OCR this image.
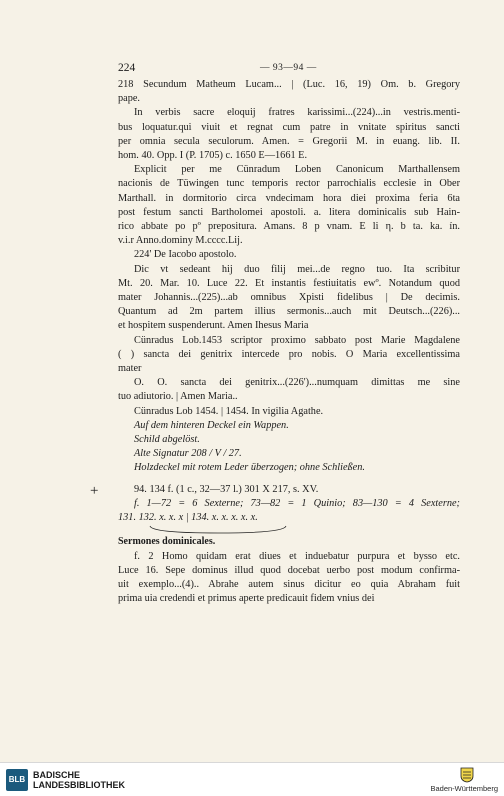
224	— 93—94 —
+
218 Secundum Matheum Lucam... | (Luc. 16, 19) Om. b. Gregory
pape.
In verbis sacre eloquij fratres karissimi...(224)...in vestris.menti-
bus loquatur.qui viuit et regnat cum patre in vnitate spiritus sancti
per omnia secula seculorum. Amen. = Gregorii M. in euang. lib. II.
hom. 40. Opp. I (P. 1705) c. 1650 E—1661 E.
Explicit per me Cünradum Loben Canonicum Marthallensem
nacionis de Tüwingen tunc temporis rector parrochialis ecclesie in Ober
Marthall. in dormitorio circa vndecimam hora diei proxima feria 6ta
post festum sancti Bartholomei apostoli. a. litera dominicalis sub Hain-
rico abbate po pº prepositura. Amans. 8 p vnam. E li η. b ta. ka. ín.
v.i.r Anno.dominy M.cccc.Lij.
224' De Iacobo apostolo.
Dic vt sedeant hij duo filij mei...de regno tuo. Ita scribitur
Mt. 20. Mar. 10. Luce 22. Et instantis festiuitatis ewº. Notandum quod
mater Johannis...(225)...ab omnibus Xpisti fidelibus | De decimis.
Quantum ad 2m partem illius sermonis...auch mit Deutsch...(226)...
et hospitem suspenderunt. Amen Ihesus Maria
Cünradus Lob.1453 scriptor proximo sabbato post Marie Magdalene
( ) sancta dei genitrix intercede pro nobis. O Maria excellentissima
mater
O. O. sancta dei genitrix...(226')...numquam dimittas me sine
tuo adiutorio. | Amen Maria..
Cünradus Lob 1454. | 1454. In vigilia Agathe.
Auf dem hinteren Deckel ein Wappen.
Schild abgelöst.
Alte Signatur 208 / V / 27.
Holzdeckel mit rotem Leder überzogen; ohne Schließen.
94. 134 f. (1 c., 32—37 l.) 301 X 217, s. XV.
f. 1—72 = 6 Sexterne; 73—82 = 1 Quinio; 83—130 = 4 Sexterne;
131. 132. x. x. x | 134. x. x. x. x. x.
Sermones dominicales.
f. 2 Homo quidam erat diues et induebatur purpura et bysso etc.
Luce 16. Sepe dominus illud quod docebat uerbo post modum confirma-
uit exemplo...(4).. Abrahe autem sinus dicitur eo quia Abraham fuit
prima uia credendi et primus aperte predicauit fidem vnius dei
BLB BADISCHE
LANDESBIBLIOTHEK	Baden-Württemberg
